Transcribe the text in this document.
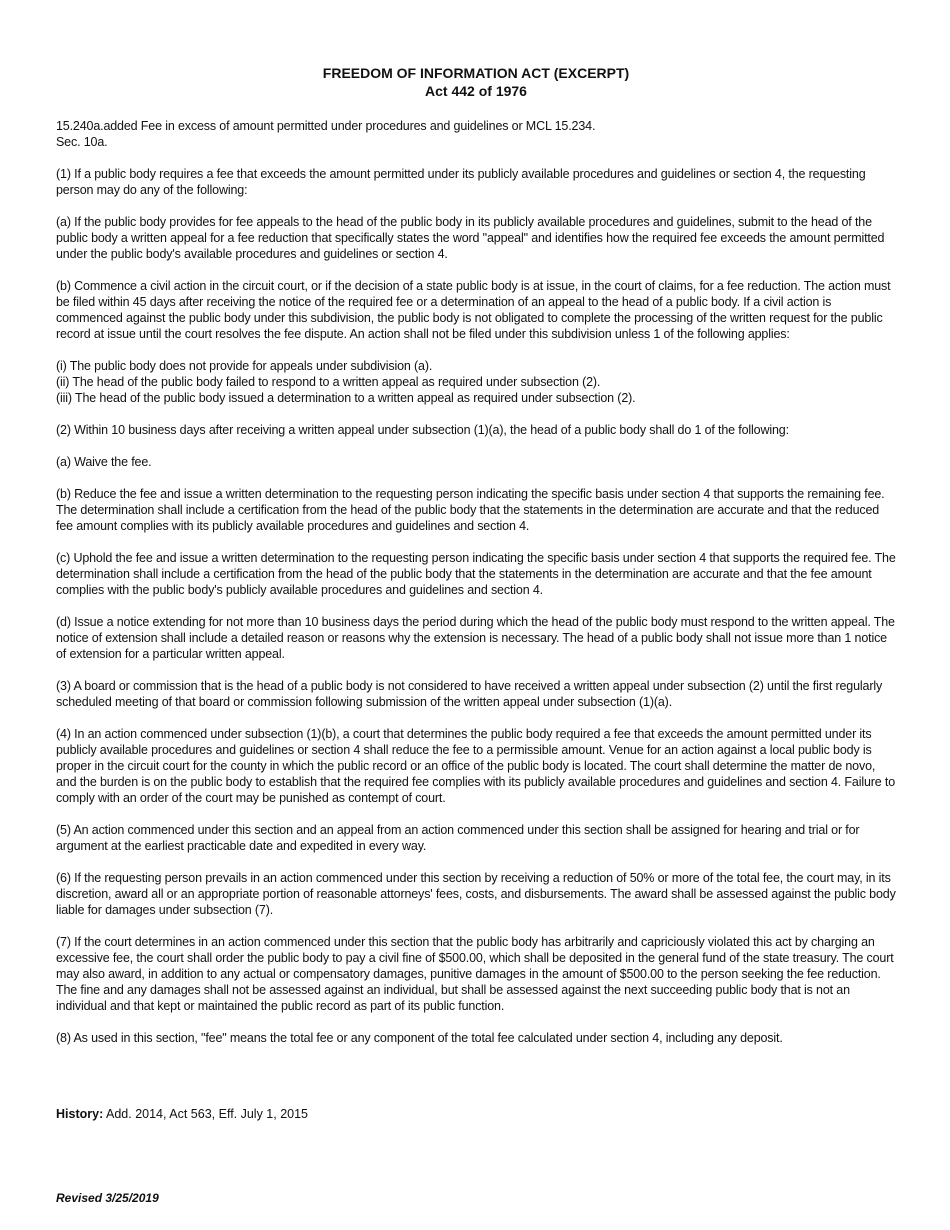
FREEDOM OF INFORMATION ACT (EXCERPT)
Act 442 of 1976
15.240a.added Fee in excess of amount permitted under procedures and guidelines or MCL 15.234.
Sec. 10a.

(1) If a public body requires a fee that exceeds the amount permitted under its publicly available procedures and guidelines or section 4, the requesting person may do any of the following:

(a) If the public body provides for fee appeals to the head of the public body in its publicly available procedures and guidelines, submit to the head of the public body a written appeal for a fee reduction that specifically states the word "appeal" and identifies how the required fee exceeds the amount permitted under the public body's available procedures and guidelines or section 4.

(b) Commence a civil action in the circuit court, or if the decision of a state public body is at issue, in the court of claims, for a fee reduction. The action must be filed within 45 days after receiving the notice of the required fee or a determination of an appeal to the head of a public body. If a civil action is commenced against the public body under this subdivision, the public body is not obligated to complete the processing of the written request for the public record at issue until the court resolves the fee dispute. An action shall not be filed under this subdivision unless 1 of the following applies:

(i) The public body does not provide for appeals under subdivision (a).
(ii) The head of the public body failed to respond to a written appeal as required under subsection (2).
(iii) The head of the public body issued a determination to a written appeal as required under subsection (2).

(2) Within 10 business days after receiving a written appeal under subsection (1)(a), the head of a public body shall do 1 of the following:

(a) Waive the fee.

(b) Reduce the fee and issue a written determination to the requesting person indicating the specific basis under section 4 that supports the remaining fee. The determination shall include a certification from the head of the public body that the statements in the determination are accurate and that the reduced fee amount complies with its publicly available procedures and guidelines and section 4.

(c) Uphold the fee and issue a written determination to the requesting person indicating the specific basis under section 4 that supports the required fee. The determination shall include a certification from the head of the public body that the statements in the determination are accurate and that the fee amount complies with the public body's publicly available procedures and guidelines and section 4.

(d) Issue a notice extending for not more than 10 business days the period during which the head of the public body must respond to the written appeal. The notice of extension shall include a detailed reason or reasons why the extension is necessary. The head of a public body shall not issue more than 1 notice of extension for a particular written appeal.

(3) A board or commission that is the head of a public body is not considered to have received a written appeal under subsection (2) until the first regularly scheduled meeting of that board or commission following submission of the written appeal under subsection (1)(a).

(4) In an action commenced under subsection (1)(b), a court that determines the public body required a fee that exceeds the amount permitted under its publicly available procedures and guidelines or section 4 shall reduce the fee to a permissible amount. Venue for an action against a local public body is proper in the circuit court for the county in which the public record or an office of the public body is located. The court shall determine the matter de novo, and the burden is on the public body to establish that the required fee complies with its publicly available procedures and guidelines and section 4. Failure to comply with an order of the court may be punished as contempt of court.

(5) An action commenced under this section and an appeal from an action commenced under this section shall be assigned for hearing and trial or for argument at the earliest practicable date and expedited in every way.

(6) If the requesting person prevails in an action commenced under this section by receiving a reduction of 50% or more of the total fee, the court may, in its discretion, award all or an appropriate portion of reasonable attorneys' fees, costs, and disbursements. The award shall be assessed against the public body liable for damages under subsection (7).

(7) If the court determines in an action commenced under this section that the public body has arbitrarily and capriciously violated this act by charging an excessive fee, the court shall order the public body to pay a civil fine of $500.00, which shall be deposited in the general fund of the state treasury. The court may also award, in addition to any actual or compensatory damages, punitive damages in the amount of $500.00 to the person seeking the fee reduction. The fine and any damages shall not be assessed against an individual, but shall be assessed against the next succeeding public body that is not an individual and that kept or maintained the public record as part of its public function.

(8) As used in this section, "fee" means the total fee or any component of the total fee calculated under section 4, including any deposit.

History: Add. 2014, Act 563, Eff. July 1, 2015
Revised 3/25/2019
